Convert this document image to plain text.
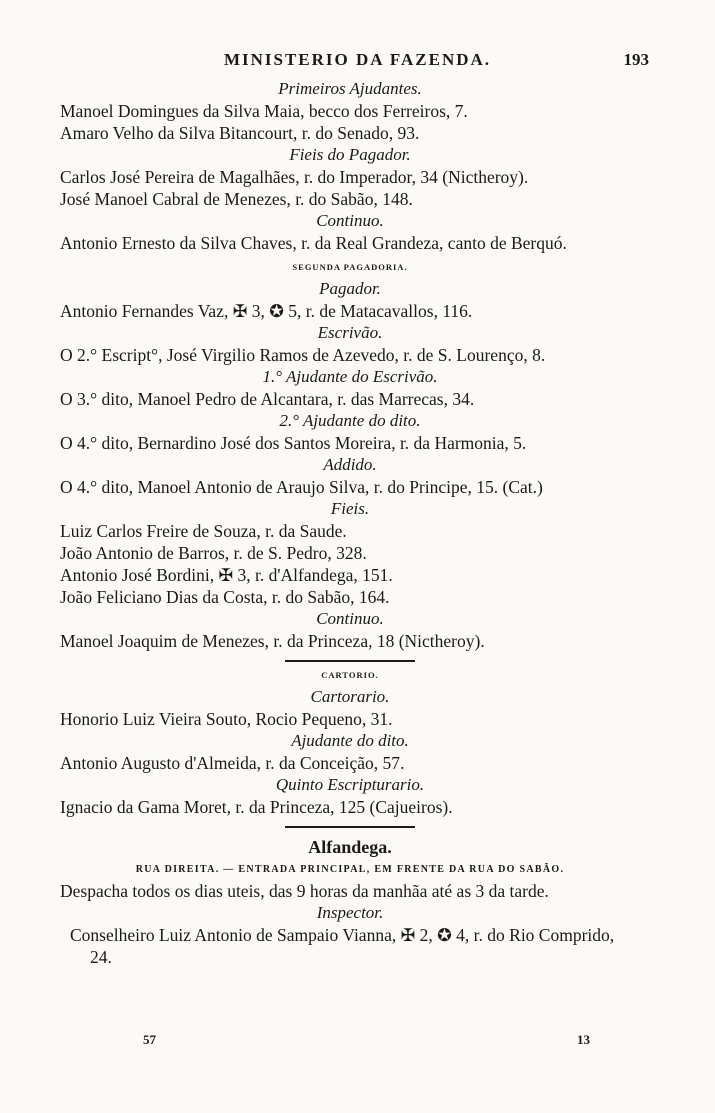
MINISTERIO DA FAZENDA.	193
Primeiros Ajudantes.
Manoel Domingues da Silva Maia, becco dos Ferreiros, 7.
Amaro Velho da Silva Bitancourt, r. do Senado, 93.
Fieis do Pagador.
Carlos José Pereira de Magalhães, r. do Imperador, 34 (Nictheroy).
José Manoel Cabral de Menezes, r. do Sabão, 148.
Continuo.
Antonio Ernesto da Silva Chaves, r. da Real Grandeza, canto de Berquó.
SEGUNDA PAGADORIA.
Pagador.
Antonio Fernandes Vaz, ✠ 3, ✪ 5, r. de Matacavallos, 116.
Escrivão.
O 2.° Escript°, José Virgilio Ramos de Azevedo, r. de S. Lourenço, 8.
1.° Ajudante do Escrivão.
O 3.° dito, Manoel Pedro de Alcantara, r. das Marrecas, 34.
2.° Ajudante do dito.
O 4.° dito, Bernardino José dos Santos Moreira, r. da Harmonia, 5.
Addido.
O 4.° dito, Manoel Antonio de Araujo Silva, r. do Principe, 15. (Cat.)
Fieis.
Luiz Carlos Freire de Souza, r. da Saude.
João Antonio de Barros, r. de S. Pedro, 328.
Antonio José Bordini, ✠ 3, r. d'Alfandega, 151.
João Feliciano Dias da Costa, r. do Sabão, 164.
Continuo.
Manoel Joaquim de Menezes, r. da Princeza, 18 (Nictheroy).
CARTORIO.
Cartorario.
Honorio Luiz Vieira Souto, Rocio Pequeno, 31.
Ajudante do dito.
Antonio Augusto d'Almeida, r. da Conceição, 57.
Quinto Escripturario.
Ignacio da Gama Moret, r. da Princeza, 125 (Cajueiros).
Alfandega.
RUA DIREITA. — ENTRADA PRINCIPAL, EM FRENTE DA RUA DO SABÃO.
Despacha todos os dias uteis, das 9 horas da manhãa até as 3 da tarde.
Inspector.
Conselheiro Luiz Antonio de Sampaio Vianna, ✠ 2, ✪ 4, r. do Rio Comprido, 24.
57	13
